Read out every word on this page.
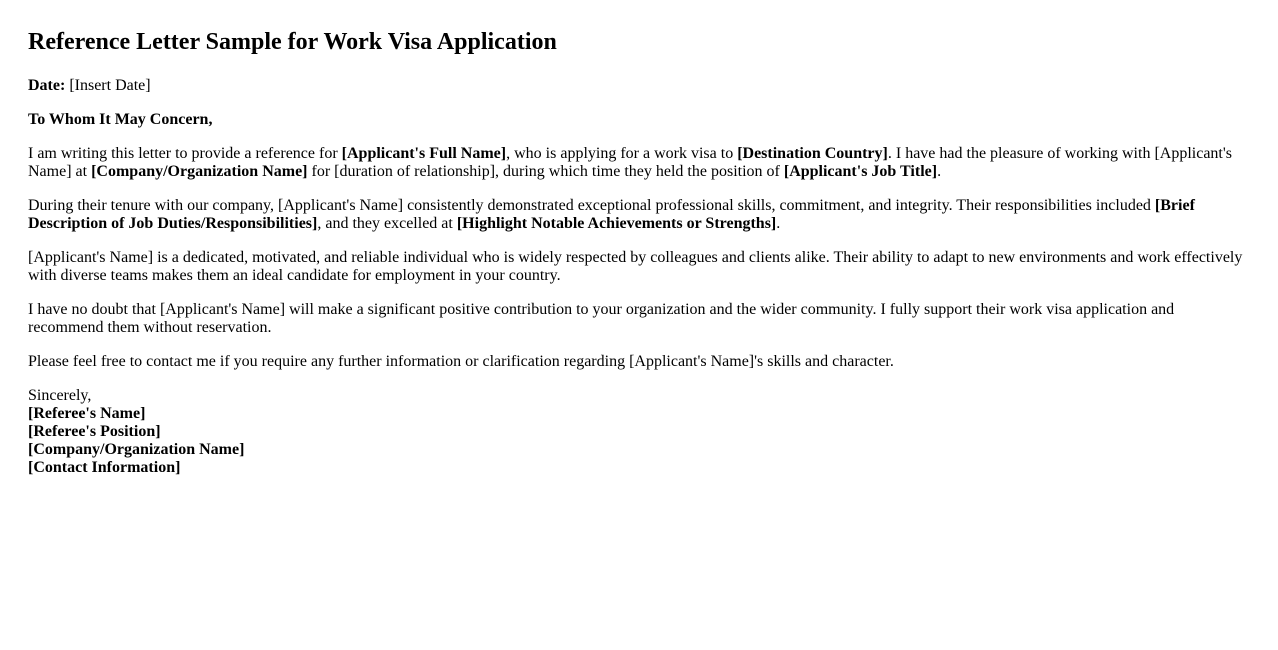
Reference Letter Sample for Work Visa Application

Date: [Insert Date]

To Whom It May Concern,

I am writing this letter to provide a reference for [Applicant's Full Name], who is applying for a work visa to [Destination Country]. I have had the pleasure of working with [Applicant's Name] at [Company/Organization Name] for [duration of relationship], during which time they held the position of [Applicant's Job Title].

During their tenure with our company, [Applicant's Name] consistently demonstrated exceptional professional skills, commitment, and integrity. Their responsibilities included [Brief Description of Job Duties/Responsibilities], and they excelled at [Highlight Notable Achievements or Strengths].

[Applicant's Name] is a dedicated, motivated, and reliable individual who is widely respected by colleagues and clients alike. Their ability to adapt to new environments and work effectively with diverse teams makes them an ideal candidate for employment in your country.

I have no doubt that [Applicant's Name] will make a significant positive contribution to your organization and the wider community. I fully support their work visa application and recommend them without reservation.

Please feel free to contact me if you require any further information or clarification regarding [Applicant's Name]'s skills and character.

Sincerely,
[Referee's Name]
[Referee's Position]
[Company/Organization Name]
[Contact Information]
